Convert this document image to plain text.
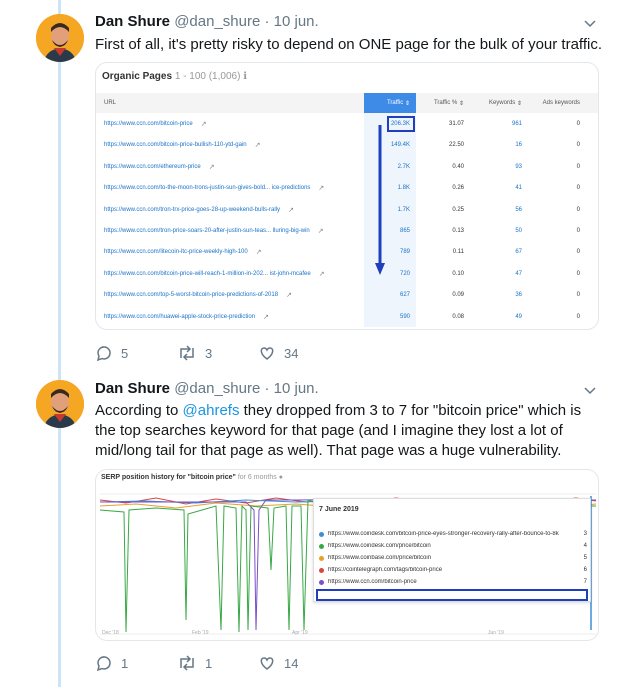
Dan Shure @dan_shure · 10 jun.
First of all, it's pretty risky to depend on ONE page for the bulk of your traffic.
Organic Pages 1 - 100 (1,006) ℹ
URL	Traffic ⇕	Traffic % ⇕	Keywords ⇕	Ads keywords
https://www.ccn.com/bitcoin-price ↗	206.3K	31.07	961	0
https://www.ccn.com/bitcoin-price-bullish-110-ytd-gain ↗	149.4K	22.50	16	0
https://www.ccn.com/ethereum-price ↗	2.7K	0.40	93	0
https://www.ccn.com/to-the-moon-trons-justin-sun-gives-bold... ice-predictions ↗	1.8K	0.26	41	0
https://www.ccn.com/tron-trx-price-goes-28-up-weekend-bulls-rally ↗	1.7K	0.25	56	0
https://www.ccn.com/tron-price-soars-20-after-justin-sun-teas... lluring-big-win ↗	865	0.13	50	0
https://www.ccn.com/litecoin-ltc-price-weekly-high-100 ↗	789	0.11	67	0
https://www.ccn.com/bitcoin-price-will-reach-1-million-in-202... ist-john-mcafee ↗	720	0.10	47	0
https://www.ccn.com/top-5-worst-bitcoin-price-predictions-of-2018 ↗	627	0.09	36	0
https://www.ccn.com/huawei-apple-stock-price-prediction ↗	590	0.08	49	0
5	3	34
Dan Shure @dan_shure · 10 jun.
According to @ahrefs they dropped from 3 to 7 for "bitcoin price" which is the top searches keyword for that page (and I imagine they lost a lot of mid/long tail for that page as well). That page was a huge vulnerability.
SERP position history for "bitcoin price" for 6 months ●
7 June 2019
https://www.coindesk.com/bitcoin-price-eyes-stronger-recovery-rally-after-bounce-to-8k	3
https://www.coindesk.com/price/bitcoin	4
https://www.coinbase.com/price/bitcoin	5
https://cointelegraph.com/tags/bitcoin-price	6
https://www.ccn.com/bitcoin-price	7
Dec '18	Feb '19	Apr '19	Jun '19
1	1	14
